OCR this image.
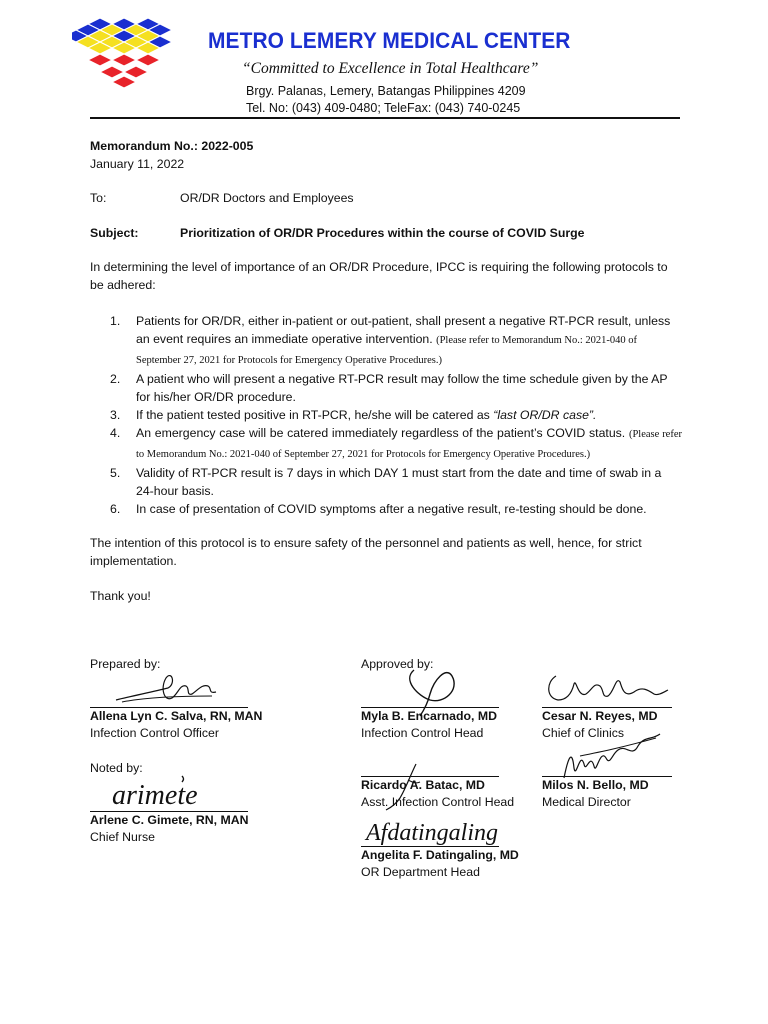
METRO LEMERY MEDICAL CENTER
“Committed to Excellence in Total Healthcare”
Brgy. Palanas, Lemery, Batangas Philippines 4209
Tel. No: (043) 409-0480; TeleFax: (043) 740-0245
Memorandum No.: 2022-005
January 11, 2022
To:	OR/DR Doctors and Employees
Subject:	Prioritization of OR/DR Procedures within the course of COVID Surge
In determining the level of importance of an OR/DR Procedure, IPCC is requiring the following protocols to be adhered:
1. Patients for OR/DR, either in-patient or out-patient, shall present a negative RT-PCR result, unless an event requires an immediate operative intervention. (Please refer to Memorandum No.: 2021-040 of September 27, 2021 for Protocols for Emergency Operative Procedures.)
2. A patient who will present a negative RT-PCR result may follow the time schedule given by the AP for his/her OR/DR procedure.
3. If the patient tested positive in RT-PCR, he/she will be catered as “last OR/DR case”.
4. An emergency case will be catered immediately regardless of the patient’s COVID status. (Please refer to Memorandum No.: 2021-040 of September 27, 2021 for Protocols for Emergency Operative Procedures.)
5. Validity of RT-PCR result is 7 days in which DAY 1 must start from the date and time of swab in a 24-hour basis.
6. In case of presentation of COVID symptoms after a negative result, re-testing should be done.
The intention of this protocol is to ensure safety of the personnel and patients as well, hence, for strict implementation.
Thank you!
Prepared by:	Approved by:
Noted by:
Allena Lyn C. Salva, RN, MAN
Infection Control Officer
Myla B. Encarnado, MD
Infection Control Head
Cesar N. Reyes, MD
Chief of Clinics
Ricardo A. Batac, MD
Asst. Infection Control Head
Milos N. Bello, MD
Medical Director
arimete
Arlene C. Gimete, RN, MAN
Chief Nurse	Afdatingaling
Angelita F. Datingaling, MD
OR Department Head
